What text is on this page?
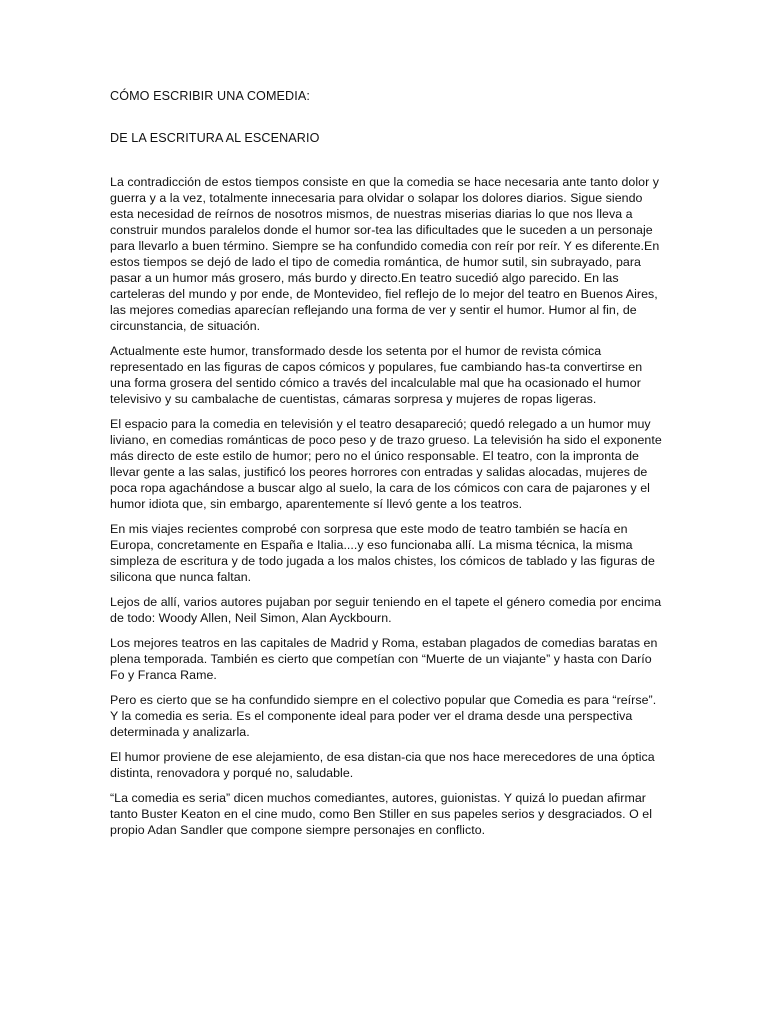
CÓMO ESCRIBIR UNA COMEDIA:
DE LA ESCRITURA AL ESCENARIO

La contradicción de estos tiempos consiste en que la comedia se hace necesaria ante tanto dolor y guerra y a la vez, totalmente innecesaria para olvidar o solapar los dolores diarios. Sigue siendo esta necesidad de reírnos de nosotros mismos, de nuestras miserias diarias lo que nos lleva a construir mundos paralelos donde el humor sor-tea las dificultades que le suceden a un personaje para llevarlo a buen término. Siempre se ha confundido comedia con reír por reír. Y es diferente.En estos tiempos se dejó de lado el tipo de comedia romántica, de humor sutil, sin subrayado, para pasar a un humor más grosero, más burdo y directo.En teatro sucedió algo parecido. En las carteleras del mundo y por ende, de Montevideo, fiel reflejo de lo mejor del teatro en Buenos Aires, las mejores comedias aparecían reflejando una forma de ver y sentir el humor. Humor al fin, de circunstancia, de situación.

Actualmente este humor, transformado desde los setenta por el humor de revista cómica representado en las figuras de capos cómicos y populares, fue cambiando has-ta convertirse en una forma grosera del sentido cómico a través del incalculable mal que ha ocasionado el humor televisivo y su cambalache de cuentistas, cámaras sorpresa y mujeres de ropas ligeras.

El espacio para la comedia en televisión y el teatro desapareció; quedó relegado a un humor muy liviano, en comedias románticas de poco peso y de trazo grueso. La televisión ha sido el exponente más directo de este estilo de humor; pero no el único responsable. El teatro, con la impronta de llevar gente a las salas, justificó los peores horrores con entradas y salidas alocadas, mujeres de poca ropa agachándose a buscar algo al suelo, la cara de los cómicos con cara de pajarones y el humor idiota que, sin embargo, aparentemente sí llevó gente a los teatros.

En mis viajes recientes comprobé con sorpresa que este modo de teatro también se hacía en Europa, concretamente en España e Italia....y eso funcionaba allí. La misma técnica, la misma simpleza de escritura y de todo jugada a los malos chistes, los cómicos de tablado y las figuras de silicona que nunca faltan.

Lejos de allí, varios autores pujaban por seguir teniendo en el tapete el género comedia por encima de todo: Woody Allen, Neil Simon, Alan Ayckbourn.

Los mejores teatros en las capitales de Madrid y Roma, estaban plagados de comedias baratas en plena temporada. También es cierto que competían con “Muerte de un viajante” y hasta con Darío Fo y Franca Rame.

Pero es cierto que se ha confundido siempre en el colectivo popular que Comedia es para “reírse”. Y la comedia es seria. Es el componente ideal para poder ver el drama desde una perspectiva determinada y analizarla.

El humor proviene de ese alejamiento, de esa distan-cia que nos hace merecedores de una óptica distinta, renovadora y porqué no, saludable.

“La comedia es seria” dicen muchos comediantes, autores, guionistas. Y quizá lo puedan afirmar tanto Buster Keaton en el cine mudo, como Ben Stiller en sus papeles serios y desgraciados. O el propio Adan Sandler que compone siempre personajes en conflicto.
